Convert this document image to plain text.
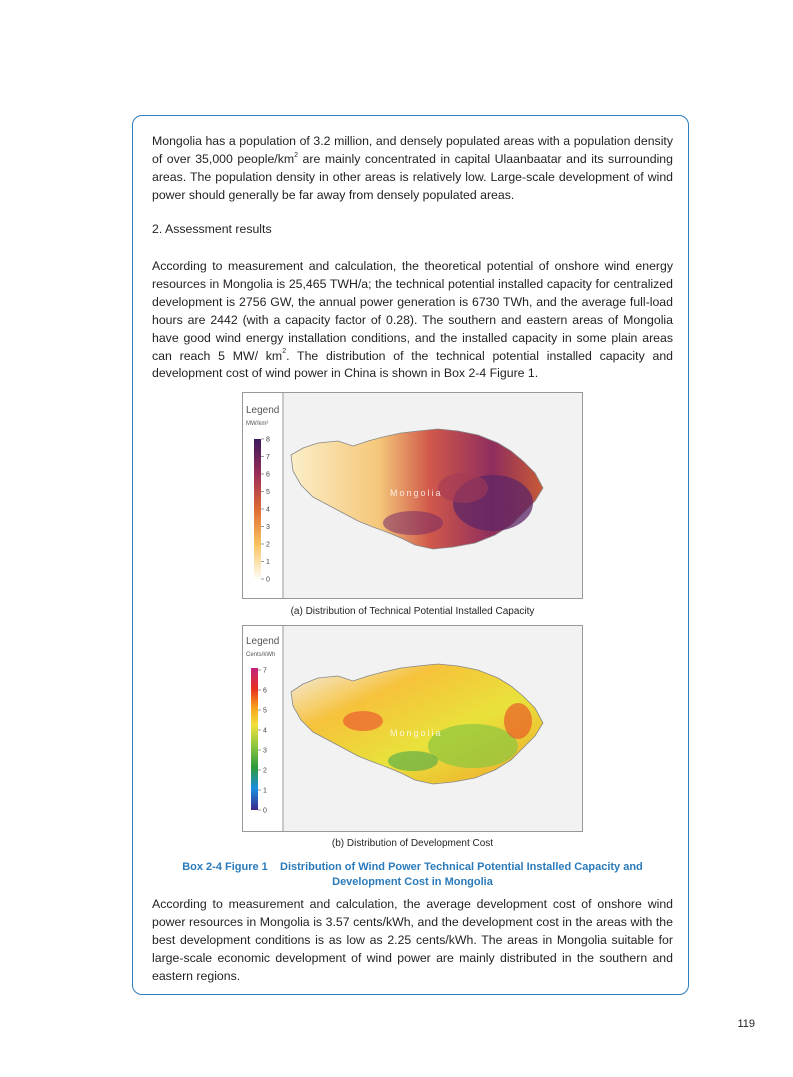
Mongolia has a population of 3.2 million, and densely populated areas with a population density of over 35,000 people/$km^2$ are mainly concentrated in capital Ulaanbaatar and its surrounding areas. The population density in other areas is relatively low. Large-scale development of wind power should generally be far away from densely populated areas.

2. Assessment results

According to measurement and calculation, the theoretical potential of onshore wind energy resources in Mongolia is 25,465 TWH/a; the technical potential installed capacity for centralized development is 2756 GW, the annual power generation is 6730 TWh, and the average full-load hours are 2442 (with a capacity factor of 0.28). The southern and eastern areas of Mongolia have good wind energy installation conditions, and the installed capacity in some plain areas can reach 5 MW/ $km^2$. The distribution of the technical potential installed capacity and development cost of wind power in China is shown in Box 2-4 Figure 1.

Legend
MW/km²
8
7
6
5
4
3
2
1
0
Mongolia
(a) Distribution of Technical Potential Installed Capacity
Legend
Cents/kWh
7
6
5
4
3
2
1
0
Mongolia
(b) Distribution of Development Cost
Box 2-4 Figure 1    Distribution of Wind Power Technical Potential Installed Capacity and
Development Cost in Mongolia

According to measurement and calculation, the average development cost of onshore wind power resources in Mongolia is 3.57 cents/kWh, and the development cost in the areas with the best development conditions is as low as 2.25 cents/kWh. The areas in Mongolia suitable for large-scale economic development of wind power are mainly distributed in the southern and eastern regions.

119
